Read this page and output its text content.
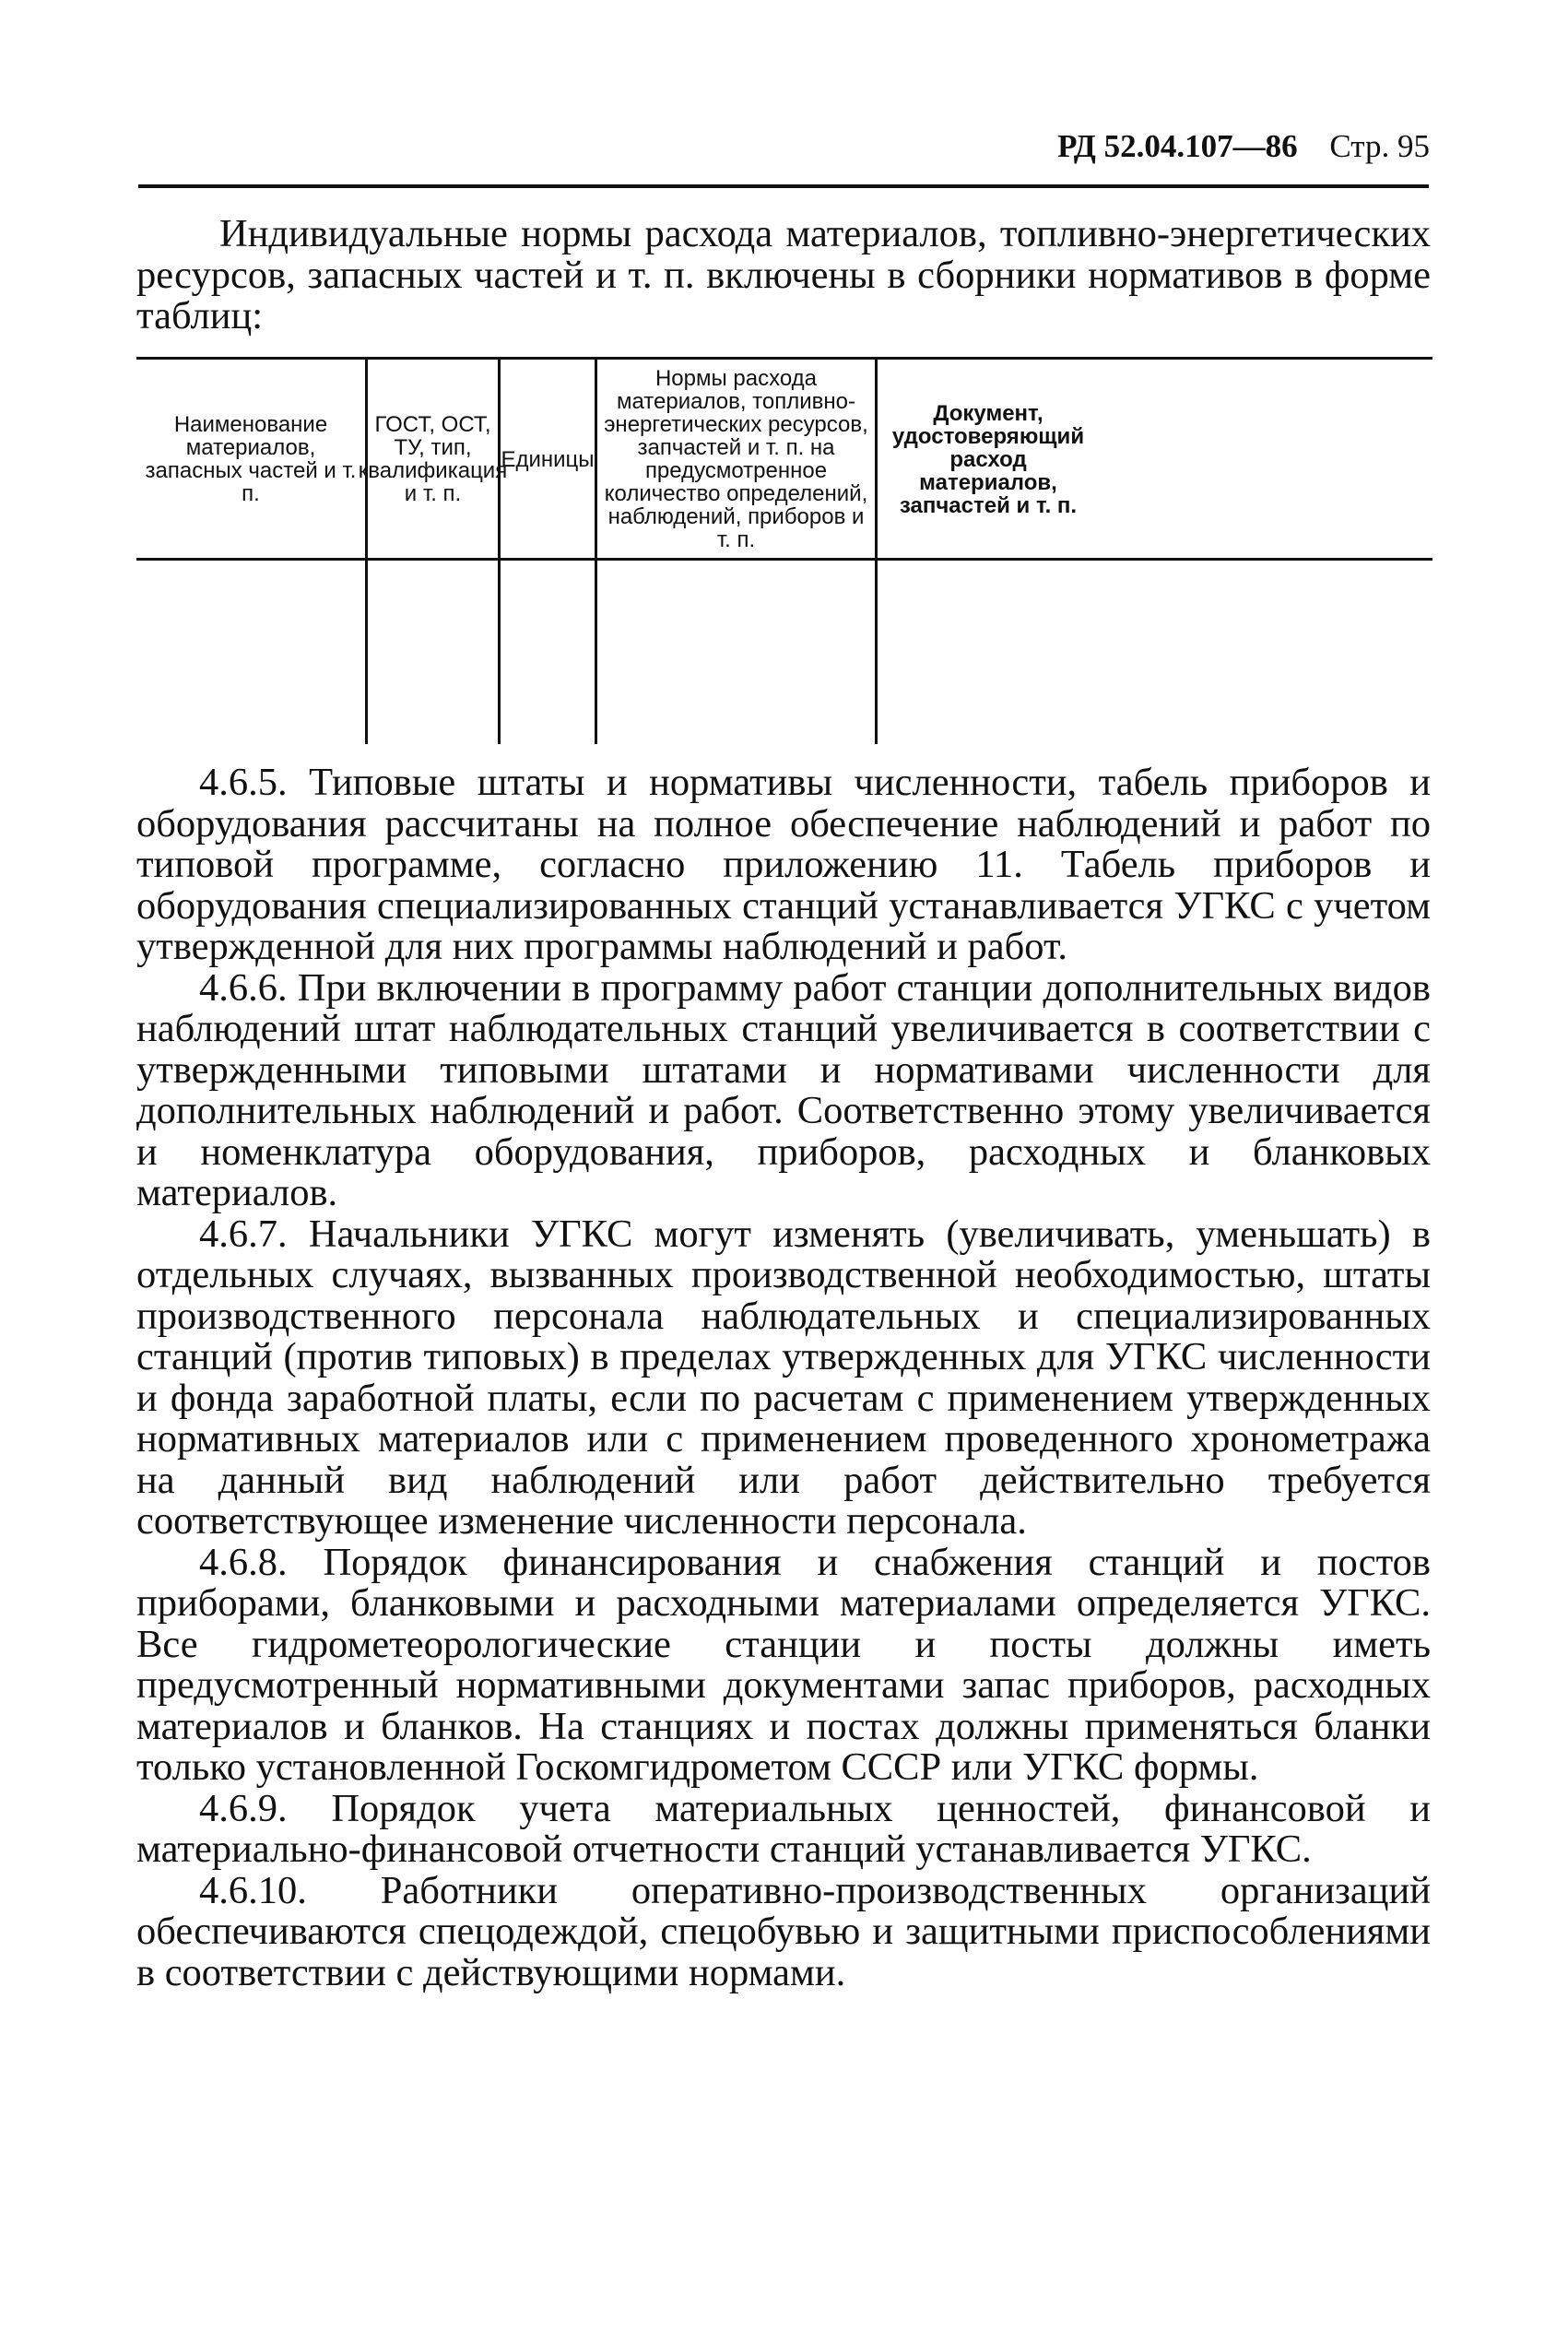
РД 52.04.107—86 Стр. 95

Индивидуальные нормы расхода материалов, топливно-энергетических ресурсов, запасных частей и т. п. включены в сборники нормативов в форме таблиц:

Наименование материалов, запасных частей и т. п.
ГОСТ, ОСТ, ТУ, тип, квалификация и т. п.
Единицы
Нормы расхода материалов, топливно-энергетических ресурсов, запчастей и т. п. на предусмотренное количество определений, наблюдений, приборов и т. п.
Документ, удостоверяющий расход материалов, запчастей и т. п.

4.6.5. Типовые штаты и нормативы численности, табель приборов и оборудования рассчитаны на полное обеспечение наблюдений и работ по типовой программе, согласно приложению 11. Табель приборов и оборудования специализированных станций устанавливается УГКС с учетом утвержденной для них программы наблюдений и работ.

4.6.6. При включении в программу работ станции дополнительных видов наблюдений штат наблюдательных станций увеличивается в соответствии с утвержденными типовыми штатами и нормативами численности для дополнительных наблюдений и работ. Соответственно этому увеличивается и номенклатура оборудования, приборов, расходных и бланковых материалов.

4.6.7. Начальники УГКС могут изменять (увеличивать, уменьшать) в отдельных случаях, вызванных производственной необходимостью, штаты производственного персонала наблюдательных и специализированных станций (против типовых) в пределах утвержденных для УГКС численности и фонда заработной платы, если по расчетам с применением утвержденных нормативных материалов или с применением проведенного хронометража на данный вид наблюдений или работ действительно требуется соответствующее изменение численности персонала.

4.6.8. Порядок финансирования и снабжения станций и постов приборами, бланковыми и расходными материалами определяется УГКС. Все гидрометеорологические станции и посты должны иметь предусмотренный нормативными документами запас приборов, расходных материалов и бланков. На станциях и постах должны применяться бланки только установленной Госкомгидрометом СССР или УГКС формы.

4.6.9. Порядок учета материальных ценностей, финансовой и материально-финансовой отчетности станций устанавливается УГКС.

4.6.10. Работники оперативно-производственных организаций обеспечиваются спецодеждой, спецобувью и защитными приспособлениями в соответствии с действующими нормами.
